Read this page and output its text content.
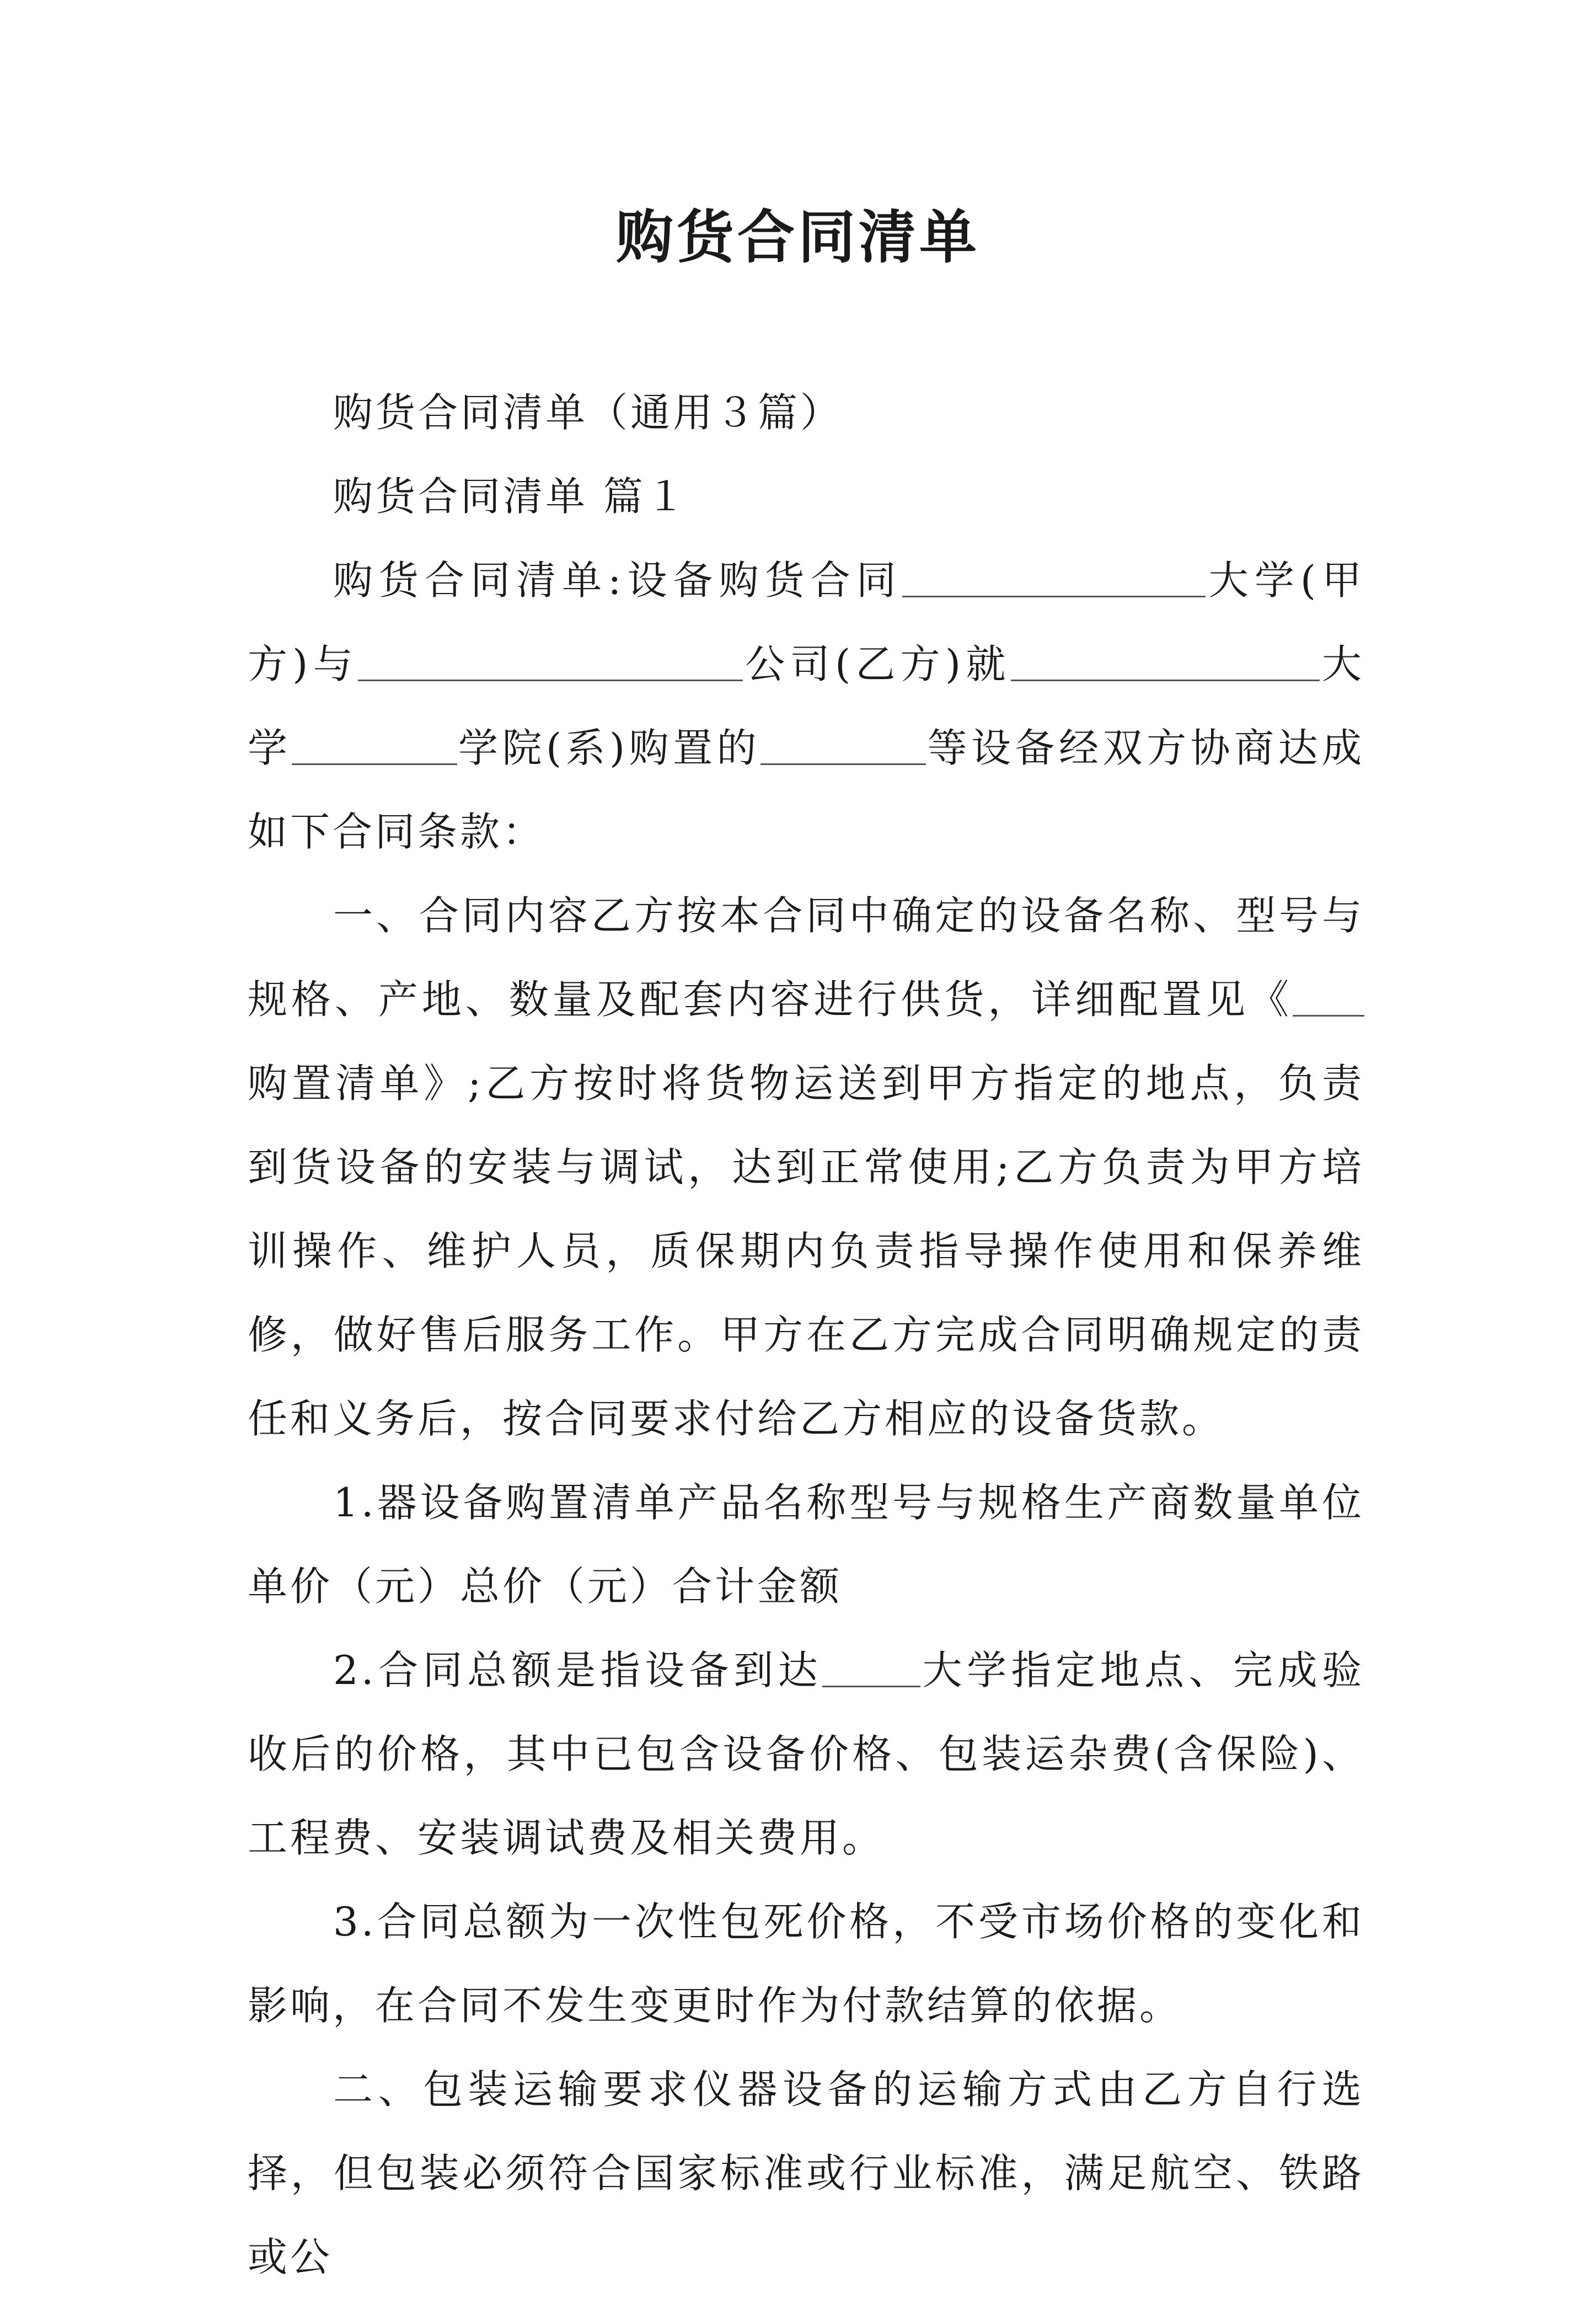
购货合同清单

购货合同清单（通用３篇）

购货合同清单 篇１

购货合同清单:设备购货合同	大学(甲方)与	公司(乙方)就	大学	学院(系)购置的	等设备经双方协商达成如下合同条款：

一、合同内容乙方按本合同中确定的设备名称、型号与规格、产地、数量及配套内容进行供货，详细配置见《购置清单》;乙方按时将货物运送到甲方指定的地点，负责到货设备的安装与调试，达到正常使用;乙方负责为甲方培训操作、维护人员，质保期内负责指导操作使用和保养维修，做好售后服务工作。甲方在乙方完成合同明确规定的责任和义务后，按合同要求付给乙方相应的设备货款。

1.器设备购置清单产品名称型号与规格生产商数量单位单价（元）总价（元）合计金额

2.合同总额是指设备到达 大学指定地点、完成验收后的价格，其中已包含设备价格、包装运杂费(含保险)、工程费、安装调试费及相关费用。

3.合同总额为一次性包死价格，不受市场价格的变化和影响，在合同不发生变更时作为付款结算的依据。

二、包装运输要求仪器设备的运输方式由乙方自行选择，但包装必须符合国家标准或行业标准，满足航空、铁路或公
